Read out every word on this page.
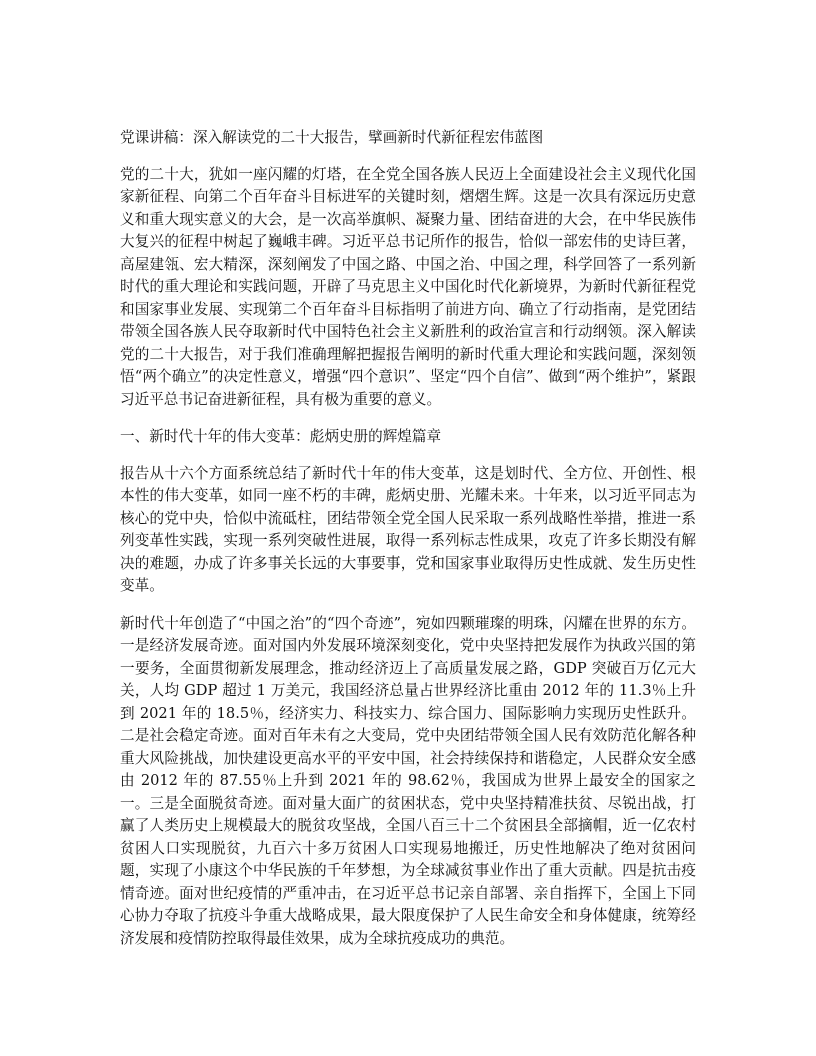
党课讲稿：深入解读党的二十大报告，擘画新时代新征程宏伟蓝图

党的二十大，犹如一座闪耀的灯塔，在全党全国各族人民迈上全面建设社会主义现代化国家新征程、向第二个百年奋斗目标进军的关键时刻，熠熠生辉。这是一次具有深远历史意义和重大现实意义的大会，是一次高举旗帜、凝聚力量、团结奋进的大会，在中华民族伟大复兴的征程中树起了巍峨丰碑。习近平总书记所作的报告，恰似一部宏伟的史诗巨著，高屋建瓴、宏大精深，深刻阐发了中国之路、中国之治、中国之理，科学回答了一系列新时代的重大理论和实践问题，开辟了马克思主义中国化时代化新境界，为新时代新征程党和国家事业发展、实现第二个百年奋斗目标指明了前进方向、确立了行动指南，是党团结带领全国各族人民夺取新时代中国特色社会主义新胜利的政治宣言和行动纲领。深入解读党的二十大报告，对于我们准确理解把握报告阐明的新时代重大理论和实践问题，深刻领悟“两个确立”的决定性意义，增强“四个意识”、坚定“四个自信”、做到“两个维护”，紧跟习近平总书记奋进新征程，具有极为重要的意义。

一、新时代十年的伟大变革：彪炳史册的辉煌篇章

报告从十六个方面系统总结了新时代十年的伟大变革，这是划时代、全方位、开创性、根本性的伟大变革，如同一座不朽的丰碑，彪炳史册、光耀未来。十年来，以习近平同志为核心的党中央，恰似中流砥柱，团结带领全党全国人民采取一系列战略性举措，推进一系列变革性实践，实现一系列突破性进展，取得一系列标志性成果，攻克了许多长期没有解决的难题，办成了许多事关长远的大事要事，党和国家事业取得历史性成就、发生历史性变革。

新时代十年创造了“中国之治”的“四个奇迹”，宛如四颗璀璨的明珠，闪耀在世界的东方。一是经济发展奇迹。面对国内外发展环境深刻变化，党中央坚持把发展作为执政兴国的第一要务，全面贯彻新发展理念，推动经济迈上了高质量发展之路，GDP 突破百万亿元大关，人均 GDP 超过 1 万美元，我国经济总量占世界经济比重由 2012 年的 11.3％上升到 2021 年的 18.5％，经济实力、科技实力、综合国力、国际影响力实现历史性跃升。二是社会稳定奇迹。面对百年未有之大变局，党中央团结带领全国人民有效防范化解各种重大风险挑战，加快建设更高水平的平安中国，社会持续保持和谐稳定，人民群众安全感由 2012 年的 87.55％上升到 2021 年的 98.62％，我国成为世界上最安全的国家之一。三是全面脱贫奇迹。面对量大面广的贫困状态，党中央坚持精准扶贫、尽锐出战，打赢了人类历史上规模最大的脱贫攻坚战，全国八百三十二个贫困县全部摘帽，近一亿农村贫困人口实现脱贫，九百六十多万贫困人口实现易地搬迁，历史性地解决了绝对贫困问题，实现了小康这个中华民族的千年梦想，为全球减贫事业作出了重大贡献。四是抗击疫情奇迹。面对世纪疫情的严重冲击，在习近平总书记亲自部署、亲自指挥下，全国上下同心协力夺取了抗疫斗争重大战略成果，最大限度保护了人民生命安全和身体健康，统筹经济发展和疫情防控取得最佳效果，成为全球抗疫成功的典范。
